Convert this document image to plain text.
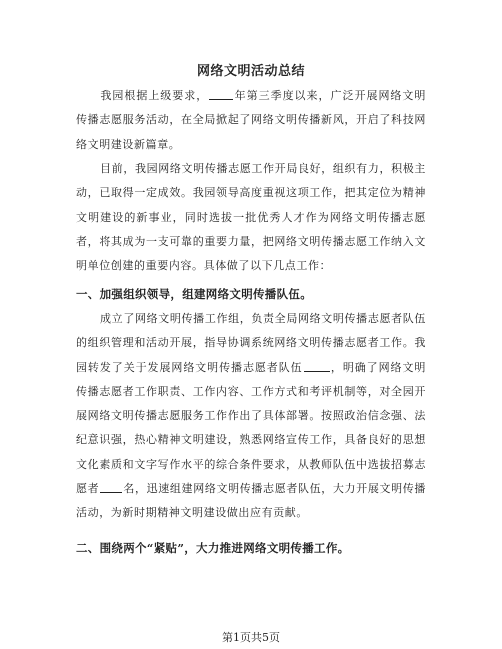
网络文明活动总结
我园根据上级要求， 年第三季度以来，广泛开展网络文明传播志愿服务活动，在全局掀起了网络文明传播新风，开启了科技网络文明建设新篇章。
目前，我园网络文明传播志愿工作开局良好，组织有力，积极主动，已取得一定成效。我园领导高度重视这项工作，把其定位为精神文明建设的新事业，同时选拔一批优秀人才作为网络文明传播志愿者，将其成为一支可靠的重要力量，把网络文明传播志愿工作纳入文明单位创建的重要内容。具体做了以下几点工作：
一、加强组织领导，组建网络文明传播队伍。
成立了网络文明传播工作组，负责全局网络文明传播志愿者队伍的组织管理和活动开展，指导协调系统网络文明传播志愿者工作。我园转发了关于发展网络文明传播志愿者队伍	，明确了网络文明传播志愿者工作职责、工作内容、工作方式和考评机制等，对全园开展网络文明传播志愿服务工作作出了具体部署。按照政治信念强、法纪意识强，热心精神文明建设，熟悉网络宣传工作，具备良好的思想文化素质和文字写作水平的综合条件要求，从教师队伍中选拔招募志愿者 名，迅速组建网络文明传播志愿者队伍，大力开展文明传播活动，为新时期精神文明建设做出应有贡献。
二、围绕两个“紧贴”，大力推进网络文明传播工作。
第1页共5页
